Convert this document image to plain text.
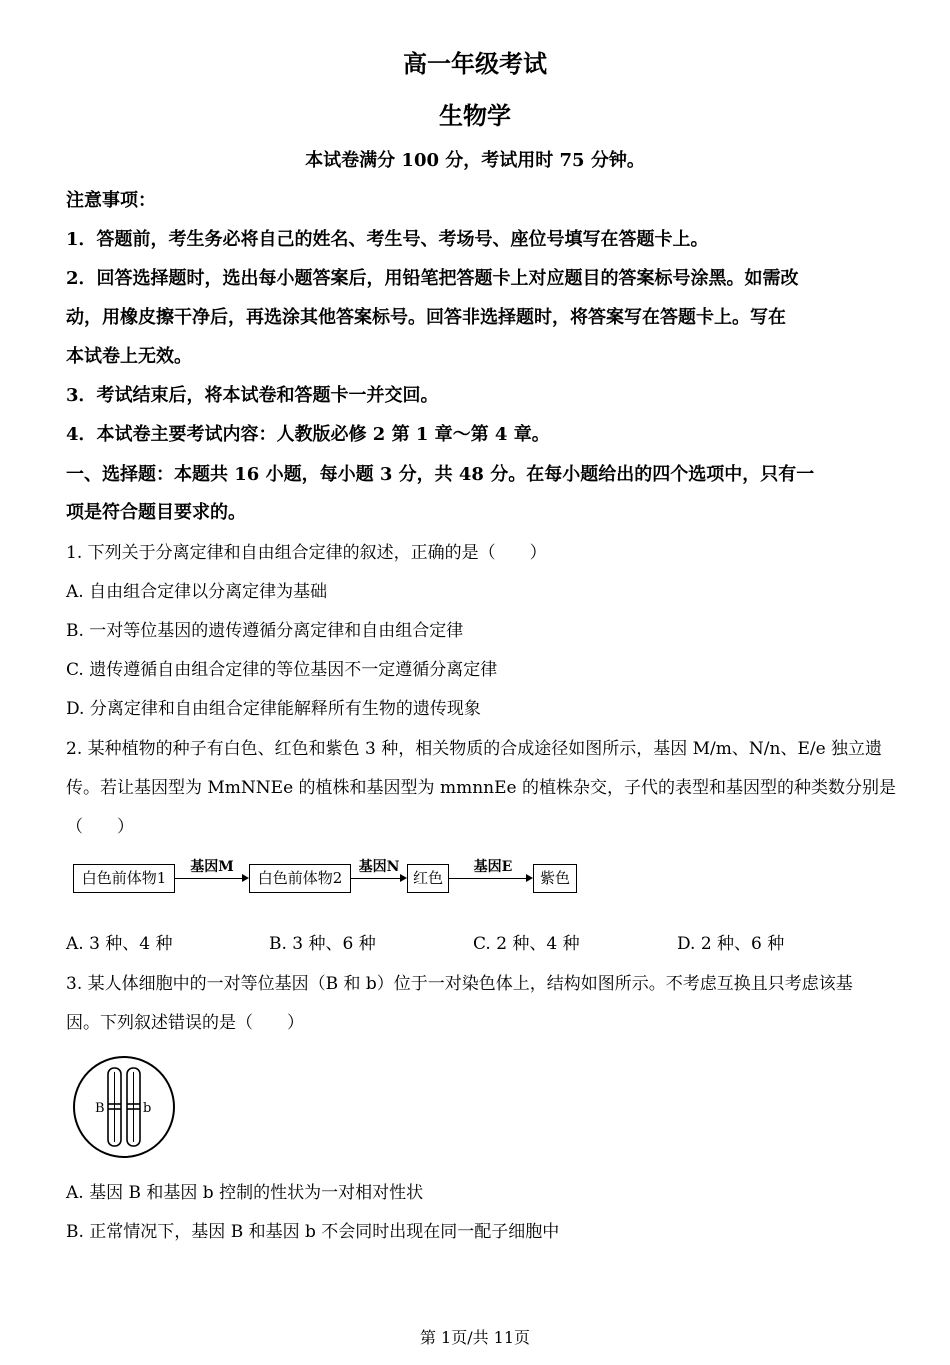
高一年级考试
生物学
本试卷满分 100 分，考试用时 75 分钟。
注意事项：
1．答题前，考生务必将自己的姓名、考生号、考场号、座位号填写在答题卡上。
2．回答选择题时，选出每小题答案后，用铅笔把答题卡上对应题目的答案标号涂黑。如需改
动，用橡皮擦干净后，再选涂其他答案标号。回答非选择题时，将答案写在答题卡上。写在
本试卷上无效。
3．考试结束后，将本试卷和答题卡一并交回。
4．本试卷主要考试内容：人教版必修 2 第 1 章～第 4 章。
一、选择题：本题共 16 小题，每小题 3 分，共 48 分。在每小题给出的四个选项中，只有一
项是符合题目要求的。
1. 下列关于分离定律和自由组合定律的叙述，正确的是（　　）
A. 自由组合定律以分离定律为基础
B. 一对等位基因的遗传遵循分离定律和自由组合定律
C. 遗传遵循自由组合定律的等位基因不一定遵循分离定律
D. 分离定律和自由组合定律能解释所有生物的遗传现象
2. 某种植物的种子有白色、红色和紫色 3 种，相关物质的合成途径如图所示，基因 M/m、N/n、E/e 独立遗
传。若让基因型为 MmNNEe 的植株和基因型为 mmnnEe 的植株杂交，子代的表型和基因型的种类数分别是
（　　）
白色前体物1
基因M
白色前体物2
基因N
红色
基因E
紫色
A. 3 种、4 种	B. 3 种、6 种	C. 2 种、4 种	D. 2 种、6 种
3. 某人体细胞中的一对等位基因（B 和 b）位于一对染色体上，结构如图所示。不考虑互换且只考虑该基
因。下列叙述错误的是（　　）
B	b
A. 基因 B 和基因 b 控制的性状为一对相对性状
B. 正常情况下，基因 B 和基因 b 不会同时出现在同一配子细胞中
第 1页/共 11页
